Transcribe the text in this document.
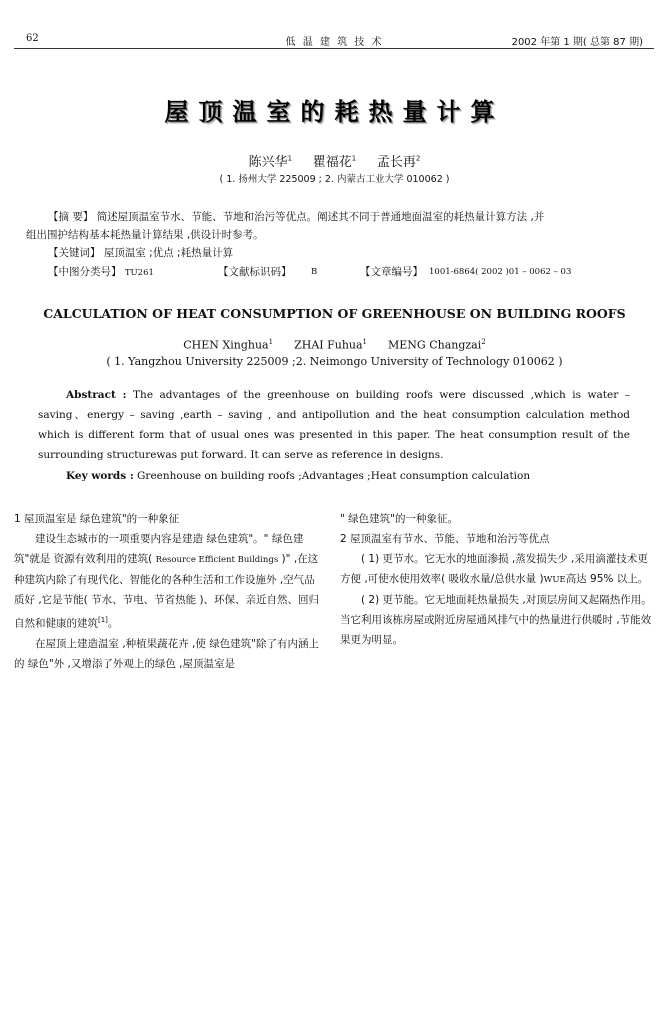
62	低 温 建 筑 技 术	2002 年第 1 期( 总第 87 期)
屋顶温室的耗热量计算
陈兴华$^1$ 瞿福花$^1$ 孟长再$^2$
( 1. 扬州大学 225009 ; 2. 内蒙古工业大学 010062 )
【摘 要】 简述屋顶温室节水、节能、节地和治污等优点。阐述其不同于普通地面温室的耗热量计算方法 ,并
组出围护结构基本耗热量计算结果 ,供设计时参考。
【关键词】 屋顶温室 ;优点 ;耗热量计算
【中图分类号】 TU261	【文献标识码】 B	【文章编号】 1001-6864( 2002 )01 – 0062 – 03
CALCULATION OF HEAT CONSUMPTION OF GREENHOUSE ON BUILDING ROOFS
CHEN Xinghua$^1$ ZHAI Fuhua$^1$ MENG Changzai$^2$
( 1. Yangzhou University 225009 ;2. Neimongo University of Technology 010062 )
Abstract : The advantages of the greenhouse on building roofs were discussed ,which is water – saving、energy – saving ,earth – saving , and antipollution and the heat consumption calculation method which is different form that of usual ones was presented in this paper. The heat consumption result of the surrounding structurewas put forward. It can serve as reference in designs.
Key words : Greenhouse on building roofs ;Advantages ;Heat consumption calculation

1 屋顶温室是 绿色建筑"的一种象征

建设生态城市的一项重要内容是建造 绿色建筑"。" 绿色建筑"就是 资源有效利用的建筑( Resource Efficient Buildings )" ,在这种建筑内除了有现代化、智能化的各种生活和工作设施外 ,空气品质好 ,它是节能( 节水、节电、节省热能 )、环保、亲近自然、回归自然和健康的建筑[1]。

在屋顶上建造温室 ,种植果蔬花卉 ,使 绿色建筑"除了有内涵上的 绿色"外 ,又增添了外观上的绿色 ,屋顶温室是

" 绿色建筑"的一种象征。

2 屋顶温室有节水、节能、节地和治污等优点

( 1) 更节水。它无水的地面渗损 ,蒸发损失少 ,采用滴灌技术更方便 ,可使水使用效率( 吸收水量/总供水量 )WUE高达 95% 以上。

( 2) 更节能。它无地面耗热量损失 ,对顶层房间又起隔热作用。当它利用该栋房屋或附近房屋通风排气中的热量进行供暖时 ,节能效果更为明显。
